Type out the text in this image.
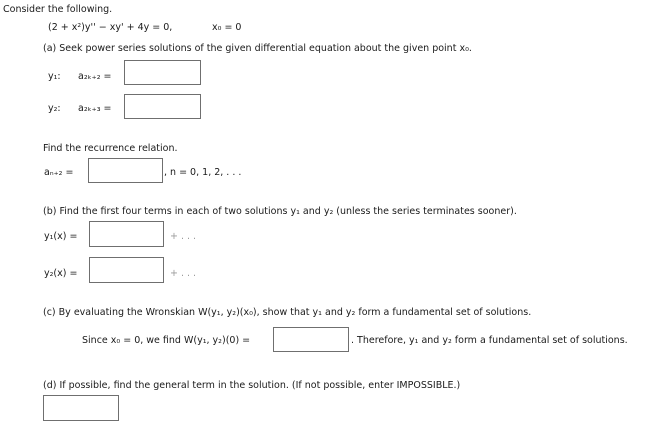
Consider the following.
(2 + x²)y'' − xy' + 4y = 0,	x₀ = 0
(a) Seek power series solutions of the given differential equation about the given point x₀.
y₁: a₂ₖ₊₂ =
y₂: a₂ₖ₊₃ =
Find the recurrence relation.
aₙ₊₂ =	, n = 0, 1, 2, . . .
(b) Find the first four terms in each of two solutions y₁ and y₂ (unless the series terminates sooner).
y₁(x) =	+ . . .
y₂(x) =	+ . . .
(c) By evaluating the Wronskian W(y₁, y₂)(x₀), show that y₁ and y₂ form a fundamental set of solutions.
Since x₀ = 0, we find W(y₁, y₂)(0) =	. Therefore, y₁ and y₂ form a fundamental set of solutions.
(d) If possible, find the general term in the solution. (If not possible, enter IMPOSSIBLE.)
